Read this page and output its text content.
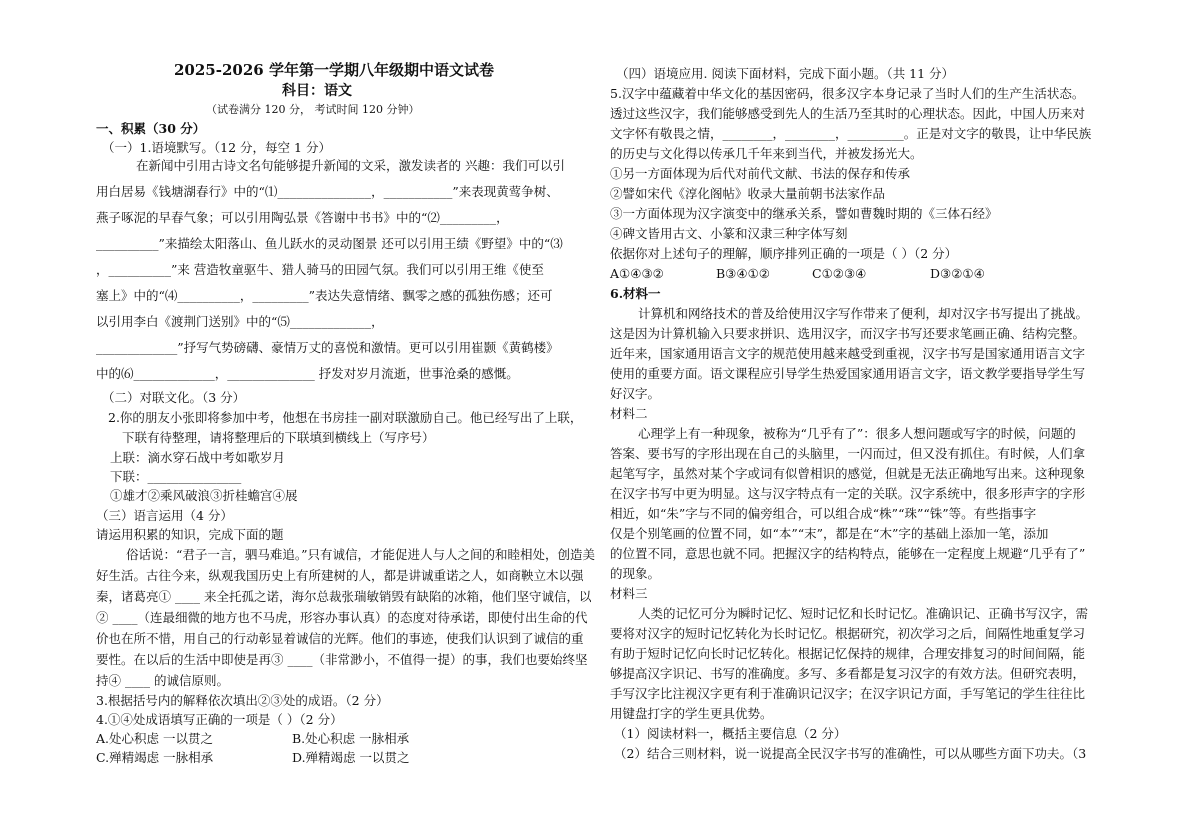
2025-2026 学年第一学期八年级期中语文试卷
科目：语文
（试卷满分 120 分， 考试时间 120 分钟）
一、积累（30 分）
（一）1.语境默写。（12 分，每空 1 分）
在新闻中引用古诗文名句能够提升新闻的文采，激发读者的 兴趣：我们可以引
用白居易《钱塘湖春行》中的“⑴_______________，___________”来表现黄莺争树、
燕子啄泥的早春气象；可以引用陶弘景《答谢中书书》中的“⑵_________，
__________”来描绘太阳落山、鱼儿跃水的灵动图景 还可以引用王绩《野望》中的“⑶
，__________”来 营造牧童驱牛、猎人骑马的田园气氛。我们可以引用王维《使至
塞上》中的“⑷__________，_________”表达失意情绪、飘零之感的孤独伤感；还可
以引用李白《渡荆门送别》中的“⑸_____________，
_____________”抒写气势磅礴、豪情万丈的喜悦和激情。更可以引用崔颢《黄鹤楼》
中的⑹_____________，______________ 抒发对岁月流逝，世事沧桑的感慨。
（二）对联文化。（3 分）
2.你的朋友小张即将参加中考，他想在书房挂一副对联激励自己。他已经写出了上联，
下联有待整理，请将整理后的下联填到横线上（写序号）
上联：滴水穿石战中考如歌岁月
下联：_______________
①雄才②乘风破浪③折桂蟾宫④展
（三）语言运用（4 分）
请运用积累的知识，完成下面的题
俗话说：“君子一言，驷马难追。”只有诚信，才能促进人与人之间的和睦相处，创造美
好生活。古往今来，纵观我国历史上有所建树的人，都是讲诚重诺之人，如商鞅立木以强
秦，诸葛亮① ____ 来全托孤之诺，海尔总裁张瑞敏销毁有缺陷的冰箱，他们坚守诚信，以
② ____（连最细微的地方也不马虎，形容办事认真）的态度对待承诺，即使付出生命的代
价也在所不惜，用自己的行动彰显着诚信的光辉。他们的事迹，使我们认识到了诚信的重
要性。在以后的生活中即使是再③ ____（非常渺小，不值得一提）的事，我们也要始终坚
持④ ____ 的诚信原则。
3.根据括号内的解释依次填出②③处的成语。（2 分）
4.①④处成语填写正确的一项是（ ）（2 分）
A.处心积虑 一以贯之	B.处心积虑 一脉相承
C.殚精竭虑 一脉相承	D.殚精竭虑 一以贯之
（四）语境应用. 阅读下面材料，完成下面小题。（共 11 分）
5.汉字中蕴藏着中华文化的基因密码，很多汉字本身记录了当时人们的生产生活状态。
透过这些汉字，我们能够感受到先人的生活乃至其时的心理状态。因此，中国人历来对
文字怀有敬畏之情，________，________，_________。正是对文字的敬畏，让中华民族
的历史与文化得以传承几千年来到当代，并被发扬光大。
①另一方面体现为后代对前代文献、书法的保存和传承
②譬如宋代《淳化阁帖》收录大量前朝书法家作品
③一方面体现为汉字演变中的继承关系，譬如曹魏时期的《三体石经》
④碑文皆用古文、小篆和汉隶三种字体写刻
依据你对上述句子的理解，顺序排列正确的一项是（ ）（2 分）
A①④③②	B③④①②	C①②③④	D③②①④
6.材料一
计算机和网络技术的普及给使用汉字写作带来了便利，却对汉字书写提出了挑战。
这是因为计算机输入只要求拼识、选用汉字，而汉字书写还要求笔画正确、结构完整。
近年来，国家通用语言文字的规范使用越来越受到重视，汉字书写是国家通用语言文字
使用的重要方面。语文课程应引导学生热爱国家通用语言文字，语文教学要指导学生写
好汉字。
材料二
心理学上有一种现象，被称为“几乎有了”：很多人想问题或写字的时候，问题的
答案、要书写的字形出现在自己的头脑里，一闪而过，但又没有抓住。有时候，人们拿
起笔写字，虽然对某个字或词有似曾相识的感觉，但就是无法正确地写出来。这种现象
在汉字书写中更为明显。这与汉字特点有一定的关联。汉字系统中，很多形声字的字形
相近，如“朱”字与不同的偏旁组合，可以组合成“株”“珠”“铢”等。有些指事字
仅是个别笔画的位置不同，如“本”“末”，都是在“木”字的基础上添加一笔，添加
的位置不同，意思也就不同。把握汉字的结构特点，能够在一定程度上规避“几乎有了”
的现象。
材料三
人类的记忆可分为瞬时记忆、短时记忆和长时记忆。准确识记、正确书写汉字，需
要将对汉字的短时记忆转化为长时记忆。根据研究，初次学习之后，间隔性地重复学习
有助于短时记忆向长时记忆转化。根据记忆保持的规律，合理安排复习的时间间隔，能
够提高汉字识记、书写的准确度。多写、多看都是复习汉字的有效方法。但研究表明，
手写汉字比注视汉字更有利于准确识记汉字；在汉字识记方面，手写笔记的学生往往比
用键盘打字的学生更具优势。
（1）阅读材料一，概括主要信息（2 分）
（2）结合三则材料，说一说提高全民汉字书写的准确性，可以从哪些方面下功夫。（3
